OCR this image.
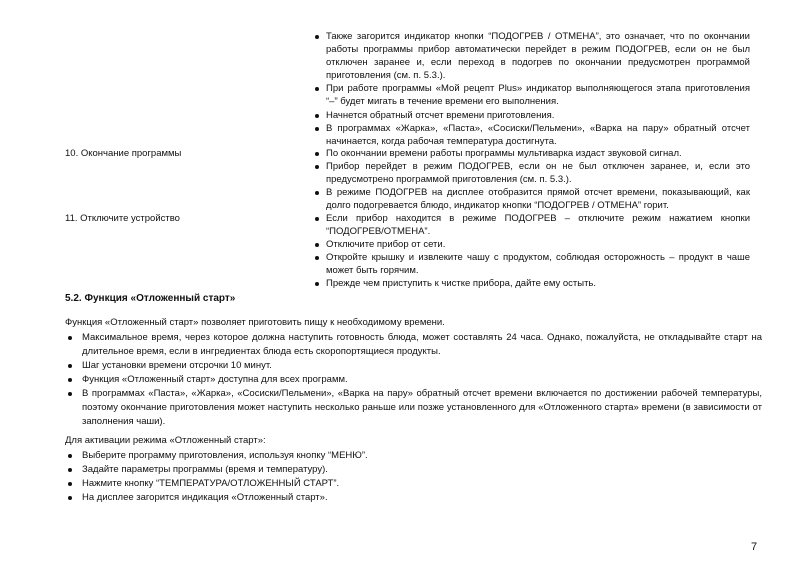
Также загорится индикатор кнопки “ПОДОГРЕВ / ОТМЕНА”, это означает, что по окончании работы программы прибор автоматически перейдет в режим ПОДОГРЕВ, если он не был отключен заранее и, если переход в подогрев по окончании предусмотрен программой приготовления (см. п. 5.3.).
При работе программы «Мой рецепт Plus» индикатор выполняющегося этапа приготовления “–” будет мигать в течение времени его выполнения.
Начнется обратный отсчет времени приготовления.
В программах «Жарка», «Паста», «Сосиски/Пельмени», «Варка на пару» обратный отсчет начинается, когда рабочая температура достигнута.
10. Окончание программы	По окончании времени работы программы мультиварка издаст звуковой сигнал.
Прибор перейдет в режим ПОДОГРЕВ, если он не был отключен заранее, и, если это предусмотрено программой приготовления (см. п. 5.3.).
В режиме ПОДОГРЕВ на дисплее отобразится прямой отсчет времени, показывающий, как долго подогревается блюдо, индикатор кнопки “ПОДОГРЕВ / ОТМЕНА” горит.
11. Отключите устройство	Если прибор находится в режиме ПОДОГРЕВ – отключите режим нажатием кнопки “ПОДОГРЕВ/ОТМЕНА”.
Отключите прибор от сети.
Откройте крышку и извлеките чашу с продуктом, соблюдая осторожность – продукт в чаше может быть горячим.
Прежде чем приступить к чистке прибора, дайте ему остыть.
5.2. Функция «Отложенный старт»
Функция «Отложенный старт» позволяет приготовить пищу к необходимому времени.
Максимальное время, через которое должна наступить готовность блюда, может составлять 24 часа. Однако, пожалуйста, не откладывайте старт на длительное время, если в ингредиентах блюда есть скоропортящиеся продукты.
Шаг установки времени отсрочки 10 минут.
Функция «Отложенный старт» доступна для всех программ.
В программах «Паста», «Жарка», «Сосиски/Пельмени», «Варка на пару» обратный отсчет времени включается по достижении рабочей температуры, поэтому окончание приготовления может наступить несколько раньше или позже установленного для «Отложенного старта» времени (в зависимости от заполнения чаши).
Для активации режима «Отложенный старт»:
Выберите программу приготовления, используя кнопку “МЕНЮ”.
Задайте параметры программы (время и температуру).
Нажмите кнопку “ТЕМПЕРАТУРА/ОТЛОЖЕННЫЙ СТАРТ”.
На дисплее загорится индикация «Отложенный старт».
7
